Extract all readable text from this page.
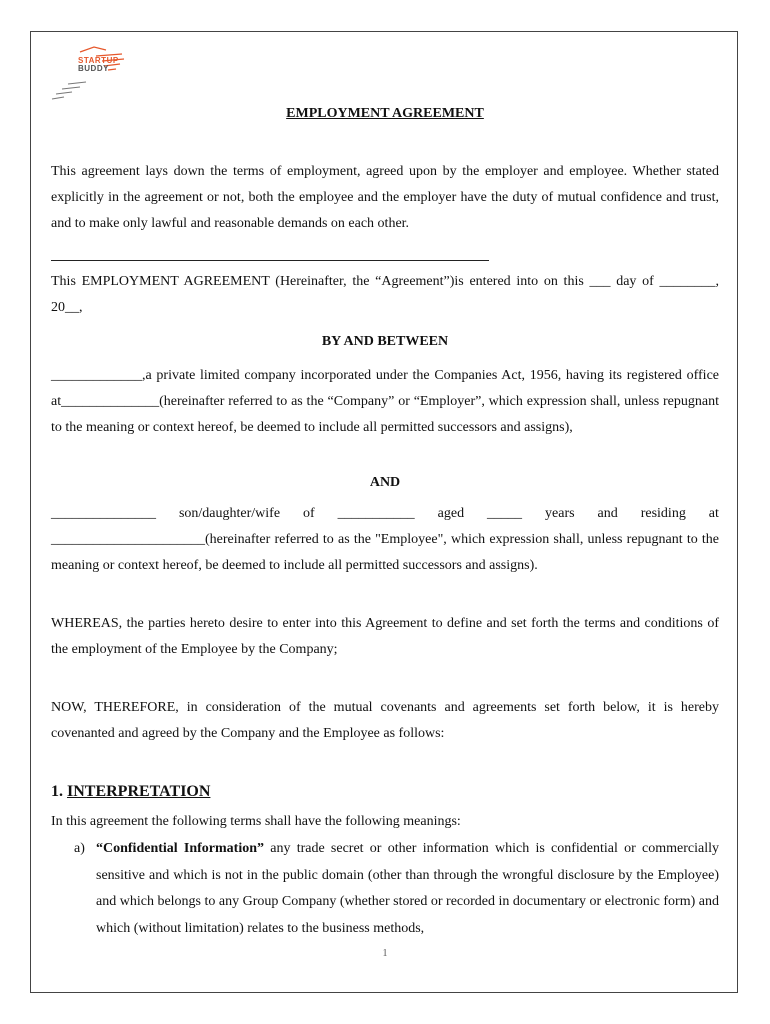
STARTUP
BUDDY
EMPLOYMENT AGREEMENT

This agreement lays down the terms of employment, agreed upon by the employer and employee. Whether stated explicitly in the agreement or not, both the employee and the employer have the duty of mutual confidence and trust, and to make only lawful and reasonable demands on each other.

This EMPLOYMENT AGREEMENT (Hereinafter, the “Agreement”)is entered into on this ___ day of ________, 20__,

BY AND BETWEEN

_____________,a private limited company incorporated under the Companies Act, 1956, having its registered office at______________(hereinafter referred to as the “Company” or “Employer”, which expression shall, unless repugnant to the meaning or context hereof, be deemed to include all permitted successors and assigns),

AND
_______________ son/daughter/wife of ___________ aged _____ years and residing at

______________________(hereinafter referred to as the "Employee", which expression shall, unless repugnant to the meaning or context hereof, be deemed to include all permitted successors and assigns).

WHEREAS, the parties hereto desire to enter into this Agreement to define and set forth the terms and conditions of the employment of the Employee by the Company;

NOW, THEREFORE, in consideration of the mutual covenants and agreements set forth below, it is hereby covenanted and agreed by the Company and the Employee as follows:

1. INTERPRETATION

In this agreement the following terms shall have the following meanings:

a) “Confidential Information” any trade secret or other information which is confidential or commercially sensitive and which is not in the public domain (other than through the wrongful disclosure by the Employee) and which belongs to any Group Company (whether stored or recorded in documentary or electronic form) and which (without limitation) relates to the business methods,
1
